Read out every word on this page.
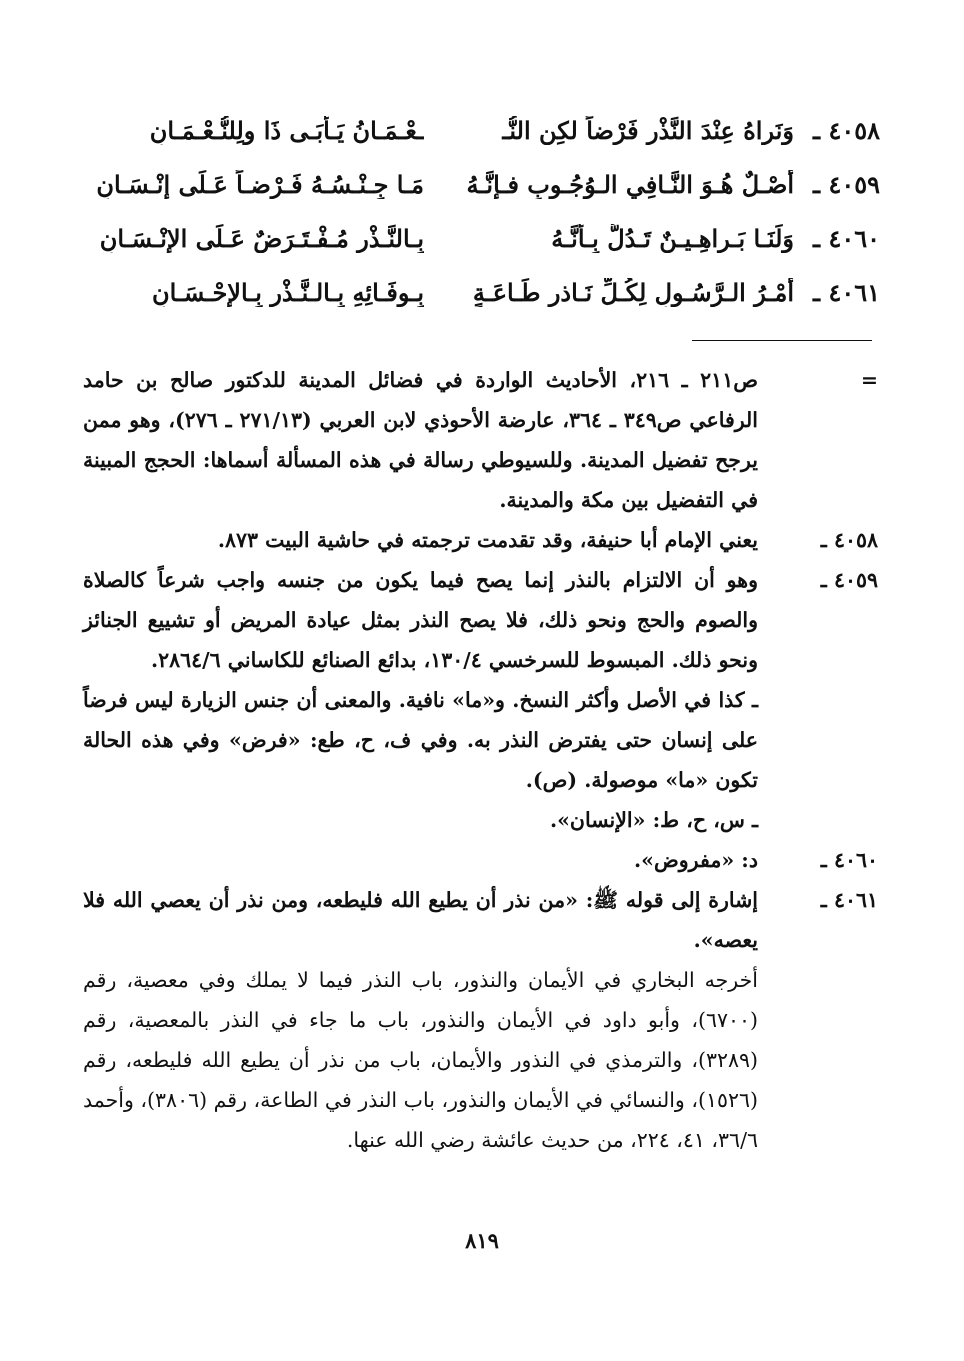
٤٠٥٨ ـ
وَنَراهُ عِنْدَ النَّذْرِ فَرْضاً لكِنِ النُّـ
ـعْـمَـانُ يَـأبَـى ذَا ولِلنُّـعْـمَـانِ
٤٠٥٩ ـ
أَصْـلٌ هُـوَ النَّـافِي الـوُجُـوبِ فـإنَّـهُ
مَـا جِـنْـسُـهُ فَـرْضـاً عَـلَى إنْـسَـانِ
٤٠٦٠ ـ
وَلَنَـا بَـراهِـيـنٌ تَـدُلُّ بِـأنَّـهُ
بِـالنَّـذْرِ مُـفْـتَـرَضٌ عَـلَى الإنْـسَـانِ
٤٠٦١ ـ
أَمْـرُ الـرَّسُـولِ لِكُـلِّ نَـاذرِ طَـاعَـةٍ
بِـوفَـائِهِ بِـالـنَّـذْرِ بِـالإحْـسَـانِ
=
ص٢١١ ـ ٢١٦، الأحاديث الواردة في فضائل المدينة للدكتور صالح بن حامد الرفاعي ص٣٤٩ ـ ٣٦٤، عارضة الأحوذي لابن العربي (٢٧١/١٣ ـ ٢٧٦)، وهو ممن يرجح تفضيل المدينة. وللسيوطي رسالة في هذه المسألة أسماها: الحجج المبينة في التفضيل بين مكة والمدينة.
٤٠٥٨ ـ
يعني الإمام أبا حنيفة، وقد تقدمت ترجمته في حاشية البيت ٨٧٣.
٤٠٥٩ ـ
وهو أن الالتزام بالنذر إنما يصح فيما يكون من جنسه واجب شرعاً كالصلاة والصوم والحج ونحو ذلك، فلا يصح النذر بمثل عيادة المريض أو تشييع الجنائز ونحو ذلك. المبسوط للسرخسي ١٣٠/٤، بدائع الصنائع للكاساني ٢٨٦٤/٦.
ـ كذا في الأصل وأكثر النسخ. و«ما» نافية. والمعنى أن جنس الزيارة ليس فرضاً على إنسان حتى يفترض النذر به. وفي ف، ح، طع: «فرض» وفي هذه الحالة تكون «ما» موصولة. (ص).
ـ س، ح، ط: «الإنسان».
٤٠٦٠ ـ
د: «مفروض».
٤٠٦١ ـ
إشارة إلى قوله ﷺ: «من نذر أن يطيع الله فليطعه، ومن نذر أن يعصي الله فلا يعصه».
أخرجه البخاري في الأيمان والنذور، باب النذر فيما لا يملك وفي معصية، رقم (٦٧٠٠)، وأبو داود في الأيمان والنذور، باب ما جاء في النذر بالمعصية، رقم (٣٢٨٩)، والترمذي في النذور والأيمان، باب من نذر أن يطيع الله فليطعه، رقم (١٥٢٦)، والنسائي في الأيمان والنذور، باب النذر في الطاعة، رقم (٣٨٠٦)، وأحمد ٣٦/٦، ٤١، ٢٢٤، من حديث عائشة رضي الله عنها.
٨١٩
